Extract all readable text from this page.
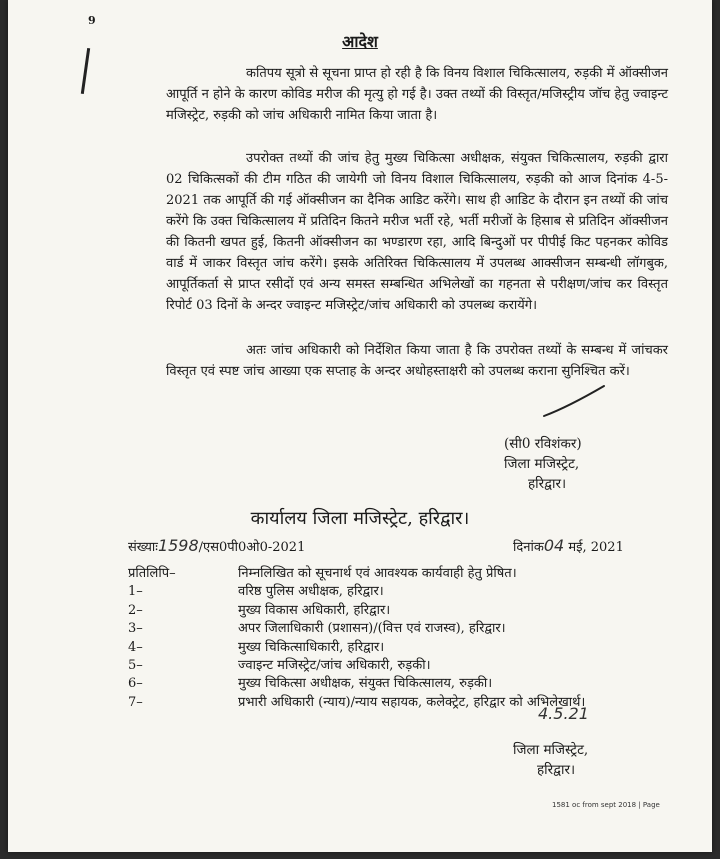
9
आदेश
कतिपय सूत्रो से सूचना प्राप्त हो रही है कि विनय विशाल चिकित्सालय, रुड़की में ऑक्सीजन आपूर्ति न होने के कारण कोविड मरीज की मृत्यु हो गई है। उक्त तथ्यों की विस्तृत/मजिस्ट्रीय जॉच हेतु ज्वाइन्ट मजिस्ट्रेट, रुड़की को जांच अधिकारी नामित किया जाता है।
उपरोक्त तथ्यों की जांच हेतु मुख्य चिकित्सा अधीक्षक, संयुक्त चिकित्सालय, रुड़की द्वारा 02 चिकित्सकों की टीम गठित की जायेगी जो विनय विशाल चिकित्सालय, रुड़की को आज दिनांक 4-5-2021 तक आपूर्ति की गई ऑक्सीजन का दैनिक आडिट करेंगे। साथ ही आडिट के दौरान इन तथ्यों की जांच करेंगे कि उक्त चिकित्सालय में प्रतिदिन कितने मरीज भर्ती रहे, भर्ती मरीजों के हिसाब से प्रतिदिन ऑक्सीजन की कितनी खपत हुई, कितनी ऑक्सीजन का भण्डारण रहा, आदि बिन्दुओं पर पीपीई किट पहनकर कोविड वार्ड में जाकर विस्तृत जांच करेंगे। इसके अतिरिक्त चिकित्सालय में उपलब्ध आक्सीजन सम्बन्धी लॉगबुक, आपूर्तिकर्ता से प्राप्त रसीदों एवं अन्य समस्त सम्बन्धित अभिलेखों का गहनता से परीक्षण/जांच कर विस्तृत रिपोर्ट 03 दिनों के अन्दर ज्वाइन्ट मजिस्ट्रेट/जांच अधिकारी को उपलब्ध करायेंगे।
अतः जांच अधिकारी को निर्देशित किया जाता है कि उपरोक्त तथ्यों के सम्बन्ध में जांचकर विस्तृत एवं स्पष्ट जांच आख्या एक सप्ताह के अन्दर अधोहस्ताक्षरी को उपलब्ध कराना सुनिश्चित करें।
(सी0 रविशंकर)
जिला मजिस्ट्रेट,
हरिद्वार।
कार्यालय जिला मजिस्ट्रेट, हरिद्वार।
संख्याः1598/एस0पी0ओ0-2021	दिनांक04 मई, 2021
प्रतिलिपि–	निम्नलिखित को सूचनार्थ एवं आवश्यक कार्यवाही हेतु प्रेषित।
1–	वरिष्ठ पुलिस अधीक्षक, हरिद्वार।
2–	मुख्य विकास अधिकारी, हरिद्वार।
3–	अपर जिलाधिकारी (प्रशासन)/(वित्त एवं राजस्व), हरिद्वार।
4–	मुख्य चिकित्साधिकारी, हरिद्वार।
5–	ज्वाइन्ट मजिस्ट्रेट/जांच अधिकारी, रुड़की।
6–	मुख्य चिकित्सा अधीक्षक, संयुक्त चिकित्सालय, रुड़की।
7–	प्रभारी अधिकारी (न्याय)/न्याय सहायक, कलेक्ट्रेट, हरिद्वार को अभिलेखार्थ।
4.5.21
जिला मजिस्ट्रेट,
हरिद्वार।
1581 oc from sept 2018 | Page
